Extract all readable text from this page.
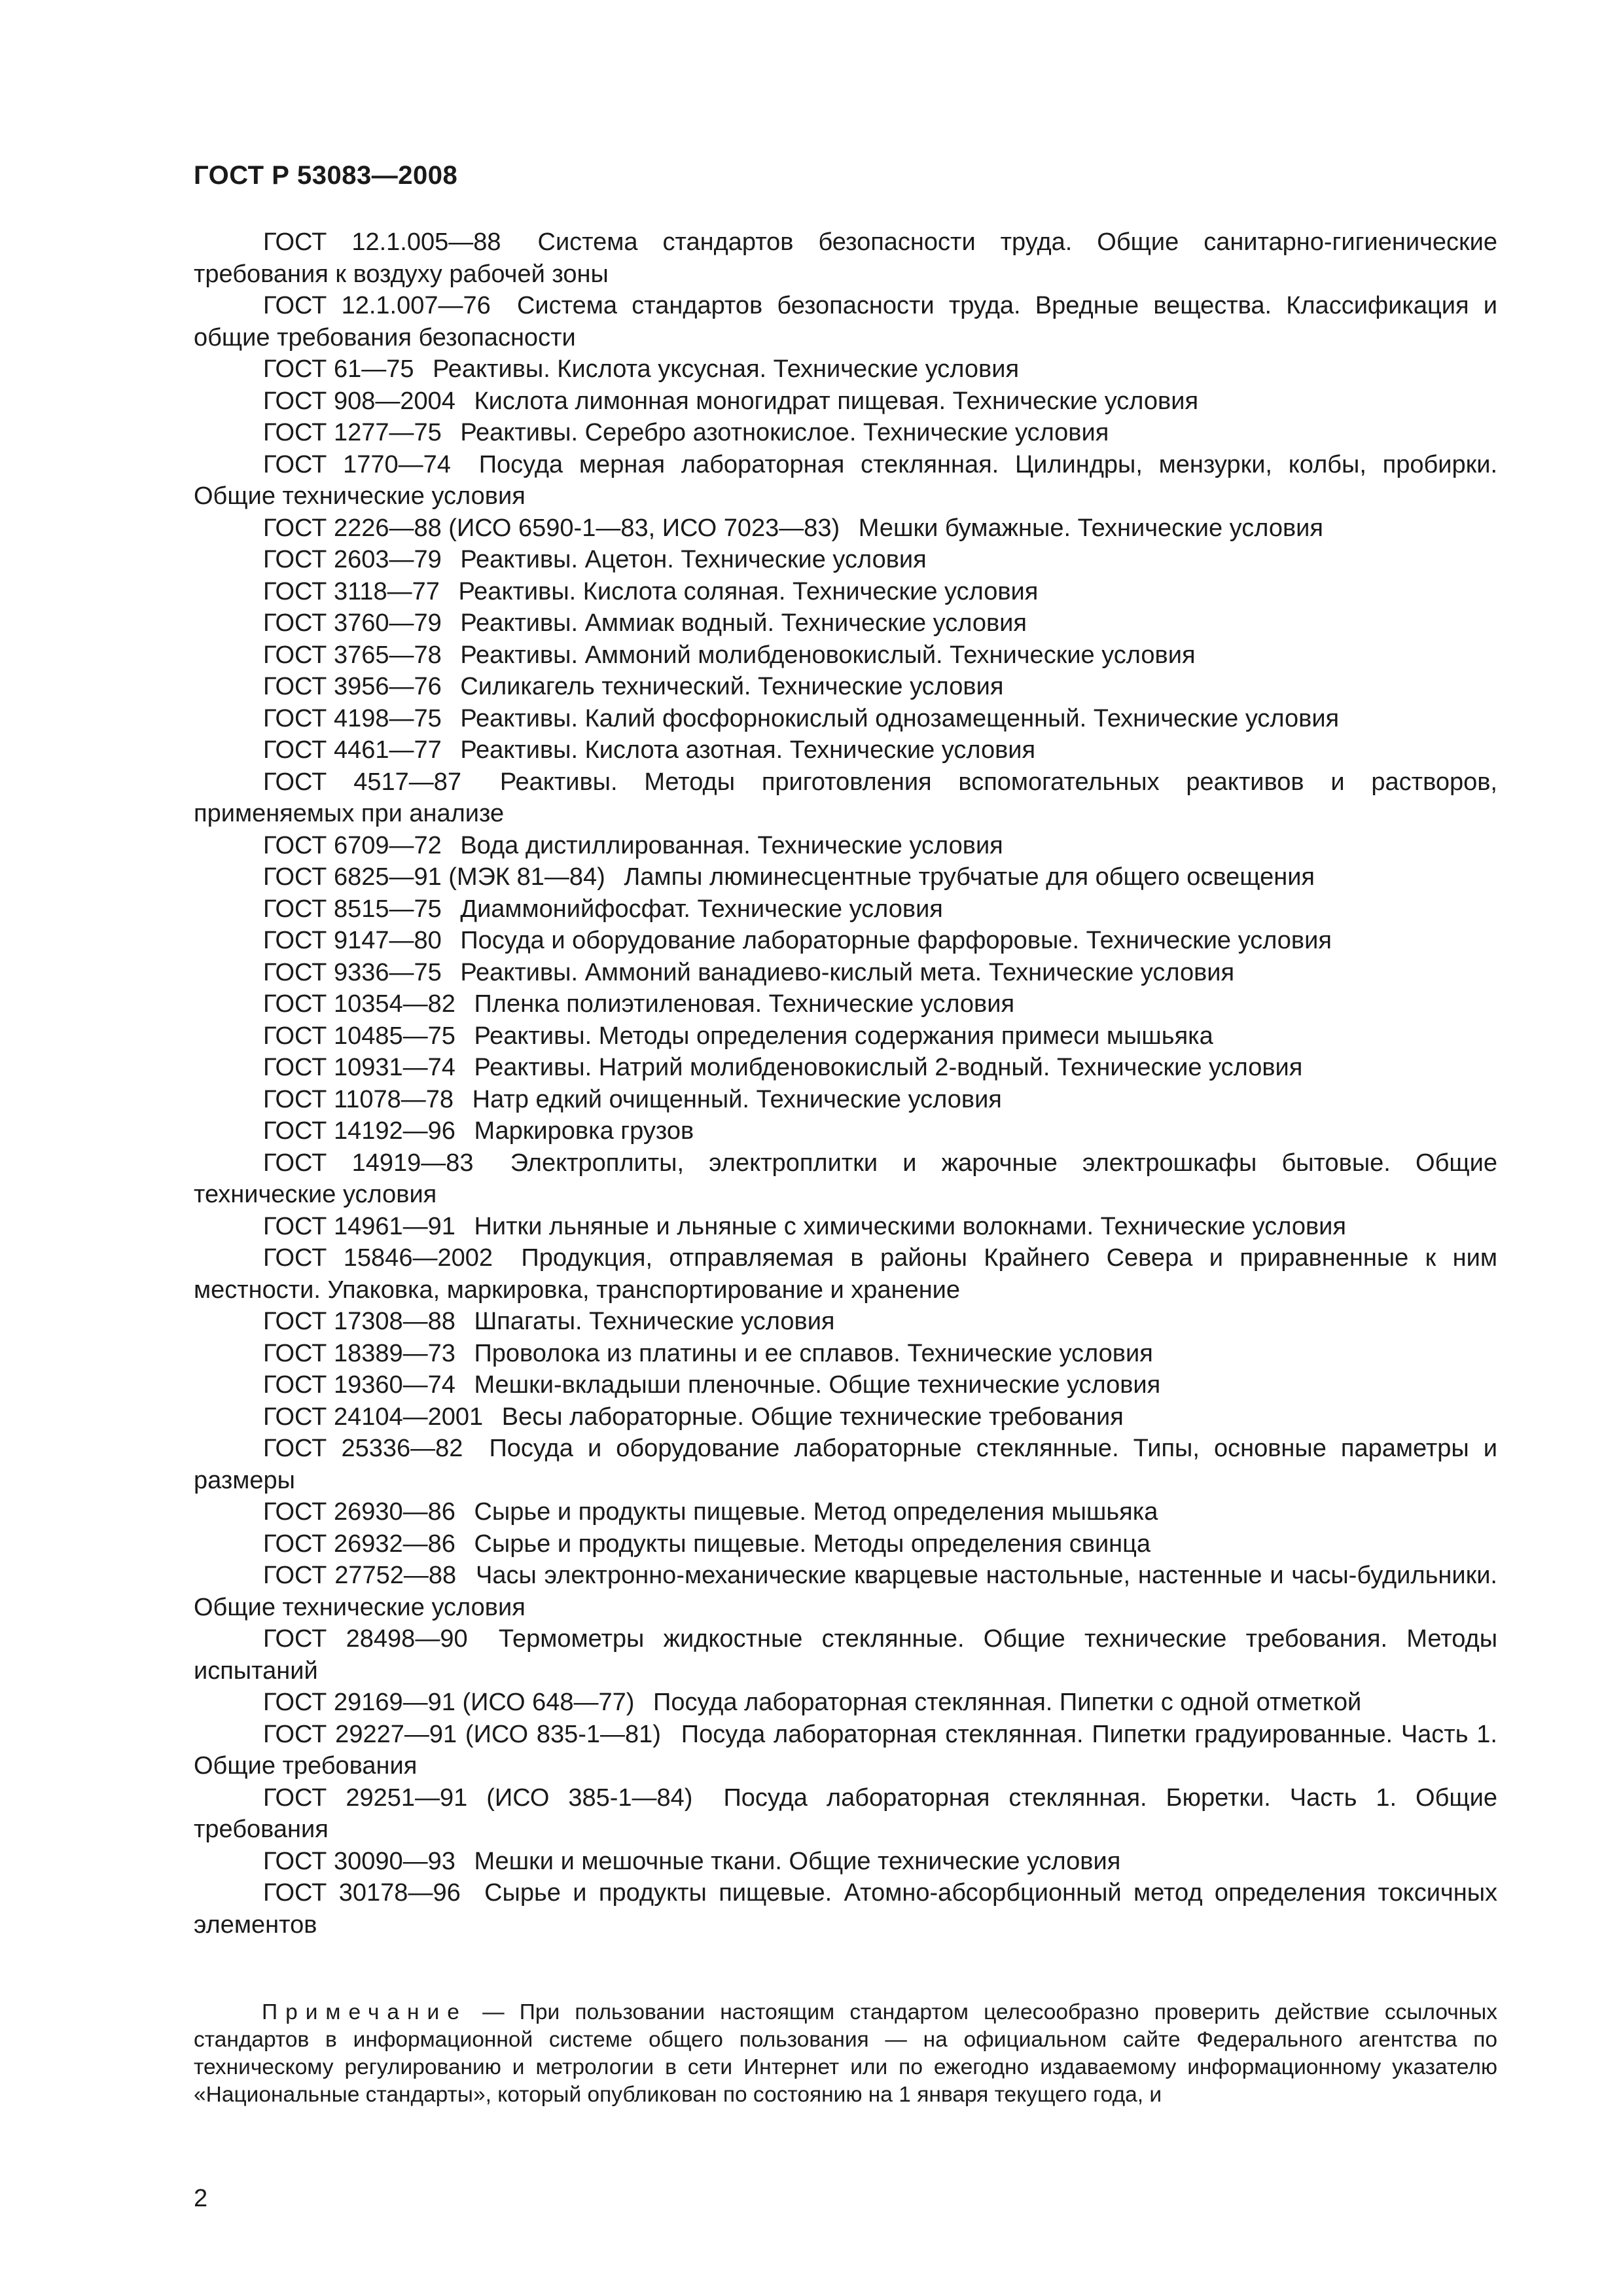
ГОСТ Р 53083—2008

ГОСТ 12.1.005—88 Система стандартов безопасности труда. Общие санитарно-гигиенические требования к воздуху рабочей зоны

ГОСТ 12.1.007—76 Система стандартов безопасности труда. Вредные вещества. Классификация и общие требования безопасности

ГОСТ 61—75 Реактивы. Кислота уксусная. Технические условия

ГОСТ 908—2004 Кислота лимонная моногидрат пищевая. Технические условия

ГОСТ 1277—75 Реактивы. Серебро азотнокислое. Технические условия

ГОСТ 1770—74 Посуда мерная лабораторная стеклянная. Цилиндры, мензурки, колбы, пробирки. Общие технические условия

ГОСТ 2226—88 (ИСО 6590-1—83, ИСО 7023—83) Мешки бумажные. Технические условия

ГОСТ 2603—79 Реактивы. Ацетон. Технические условия

ГОСТ 3118—77 Реактивы. Кислота соляная. Технические условия

ГОСТ 3760—79 Реактивы. Аммиак водный. Технические условия

ГОСТ 3765—78 Реактивы. Аммоний молибденовокислый. Технические условия

ГОСТ 3956—76 Силикагель технический. Технические условия

ГОСТ 4198—75 Реактивы. Калий фосфорнокислый однозамещенный. Технические условия

ГОСТ 4461—77 Реактивы. Кислота азотная. Технические условия

ГОСТ 4517—87 Реактивы. Методы приготовления вспомогательных реактивов и растворов, применяемых при анализе

ГОСТ 6709—72 Вода дистиллированная. Технические условия

ГОСТ 6825—91 (МЭК 81—84) Лампы люминесцентные трубчатые для общего освещения

ГОСТ 8515—75 Диаммонийфосфат. Технические условия

ГОСТ 9147—80 Посуда и оборудование лабораторные фарфоровые. Технические условия

ГОСТ 9336—75 Реактивы. Аммоний ванадиево-кислый мета. Технические условия

ГОСТ 10354—82 Пленка полиэтиленовая. Технические условия

ГОСТ 10485—75 Реактивы. Методы определения содержания примеси мышьяка

ГОСТ 10931—74 Реактивы. Натрий молибденовокислый 2-водный. Технические условия

ГОСТ 11078—78 Натр едкий очищенный. Технические условия

ГОСТ 14192—96 Маркировка грузов

ГОСТ 14919—83 Электроплиты, электроплитки и жарочные электрошкафы бытовые. Общие технические условия

ГОСТ 14961—91 Нитки льняные и льняные с химическими волокнами. Технические условия

ГОСТ 15846—2002 Продукция, отправляемая в районы Крайнего Севера и приравненные к ним местности. Упаковка, маркировка, транспортирование и хранение

ГОСТ 17308—88 Шпагаты. Технические условия

ГОСТ 18389—73 Проволока из платины и ее сплавов. Технические условия

ГОСТ 19360—74 Мешки-вкладыши пленочные. Общие технические условия

ГОСТ 24104—2001 Весы лабораторные. Общие технические требования

ГОСТ 25336—82 Посуда и оборудование лабораторные стеклянные. Типы, основные параметры и размеры

ГОСТ 26930—86 Сырье и продукты пищевые. Метод определения мышьяка

ГОСТ 26932—86 Сырье и продукты пищевые. Методы определения свинца

ГОСТ 27752—88 Часы электронно-механические кварцевые настольные, настенные и часы-будильники. Общие технические условия

ГОСТ 28498—90 Термометры жидкостные стеклянные. Общие технические требования. Методы испытаний

ГОСТ 29169—91 (ИСО 648—77) Посуда лабораторная стеклянная. Пипетки с одной отметкой

ГОСТ 29227—91 (ИСО 835-1—81) Посуда лабораторная стеклянная. Пипетки градуированные. Часть 1. Общие требования

ГОСТ 29251—91 (ИСО 385-1—84) Посуда лабораторная стеклянная. Бюретки. Часть 1. Общие требования

ГОСТ 30090—93 Мешки и мешочные ткани. Общие технические условия

ГОСТ 30178—96 Сырье и продукты пищевые. Атомно-абсорбционный метод определения токсичных элементов

Примечание — При пользовании настоящим стандартом целесообразно проверить действие ссылочных стандартов в информационной системе общего пользования — на официальном сайте Федерального агентства по техническому регулированию и метрологии в сети Интернет или по ежегодно издаваемому информационному указателю «Национальные стандарты», который опубликован по состоянию на 1 января текущего года, и

2
